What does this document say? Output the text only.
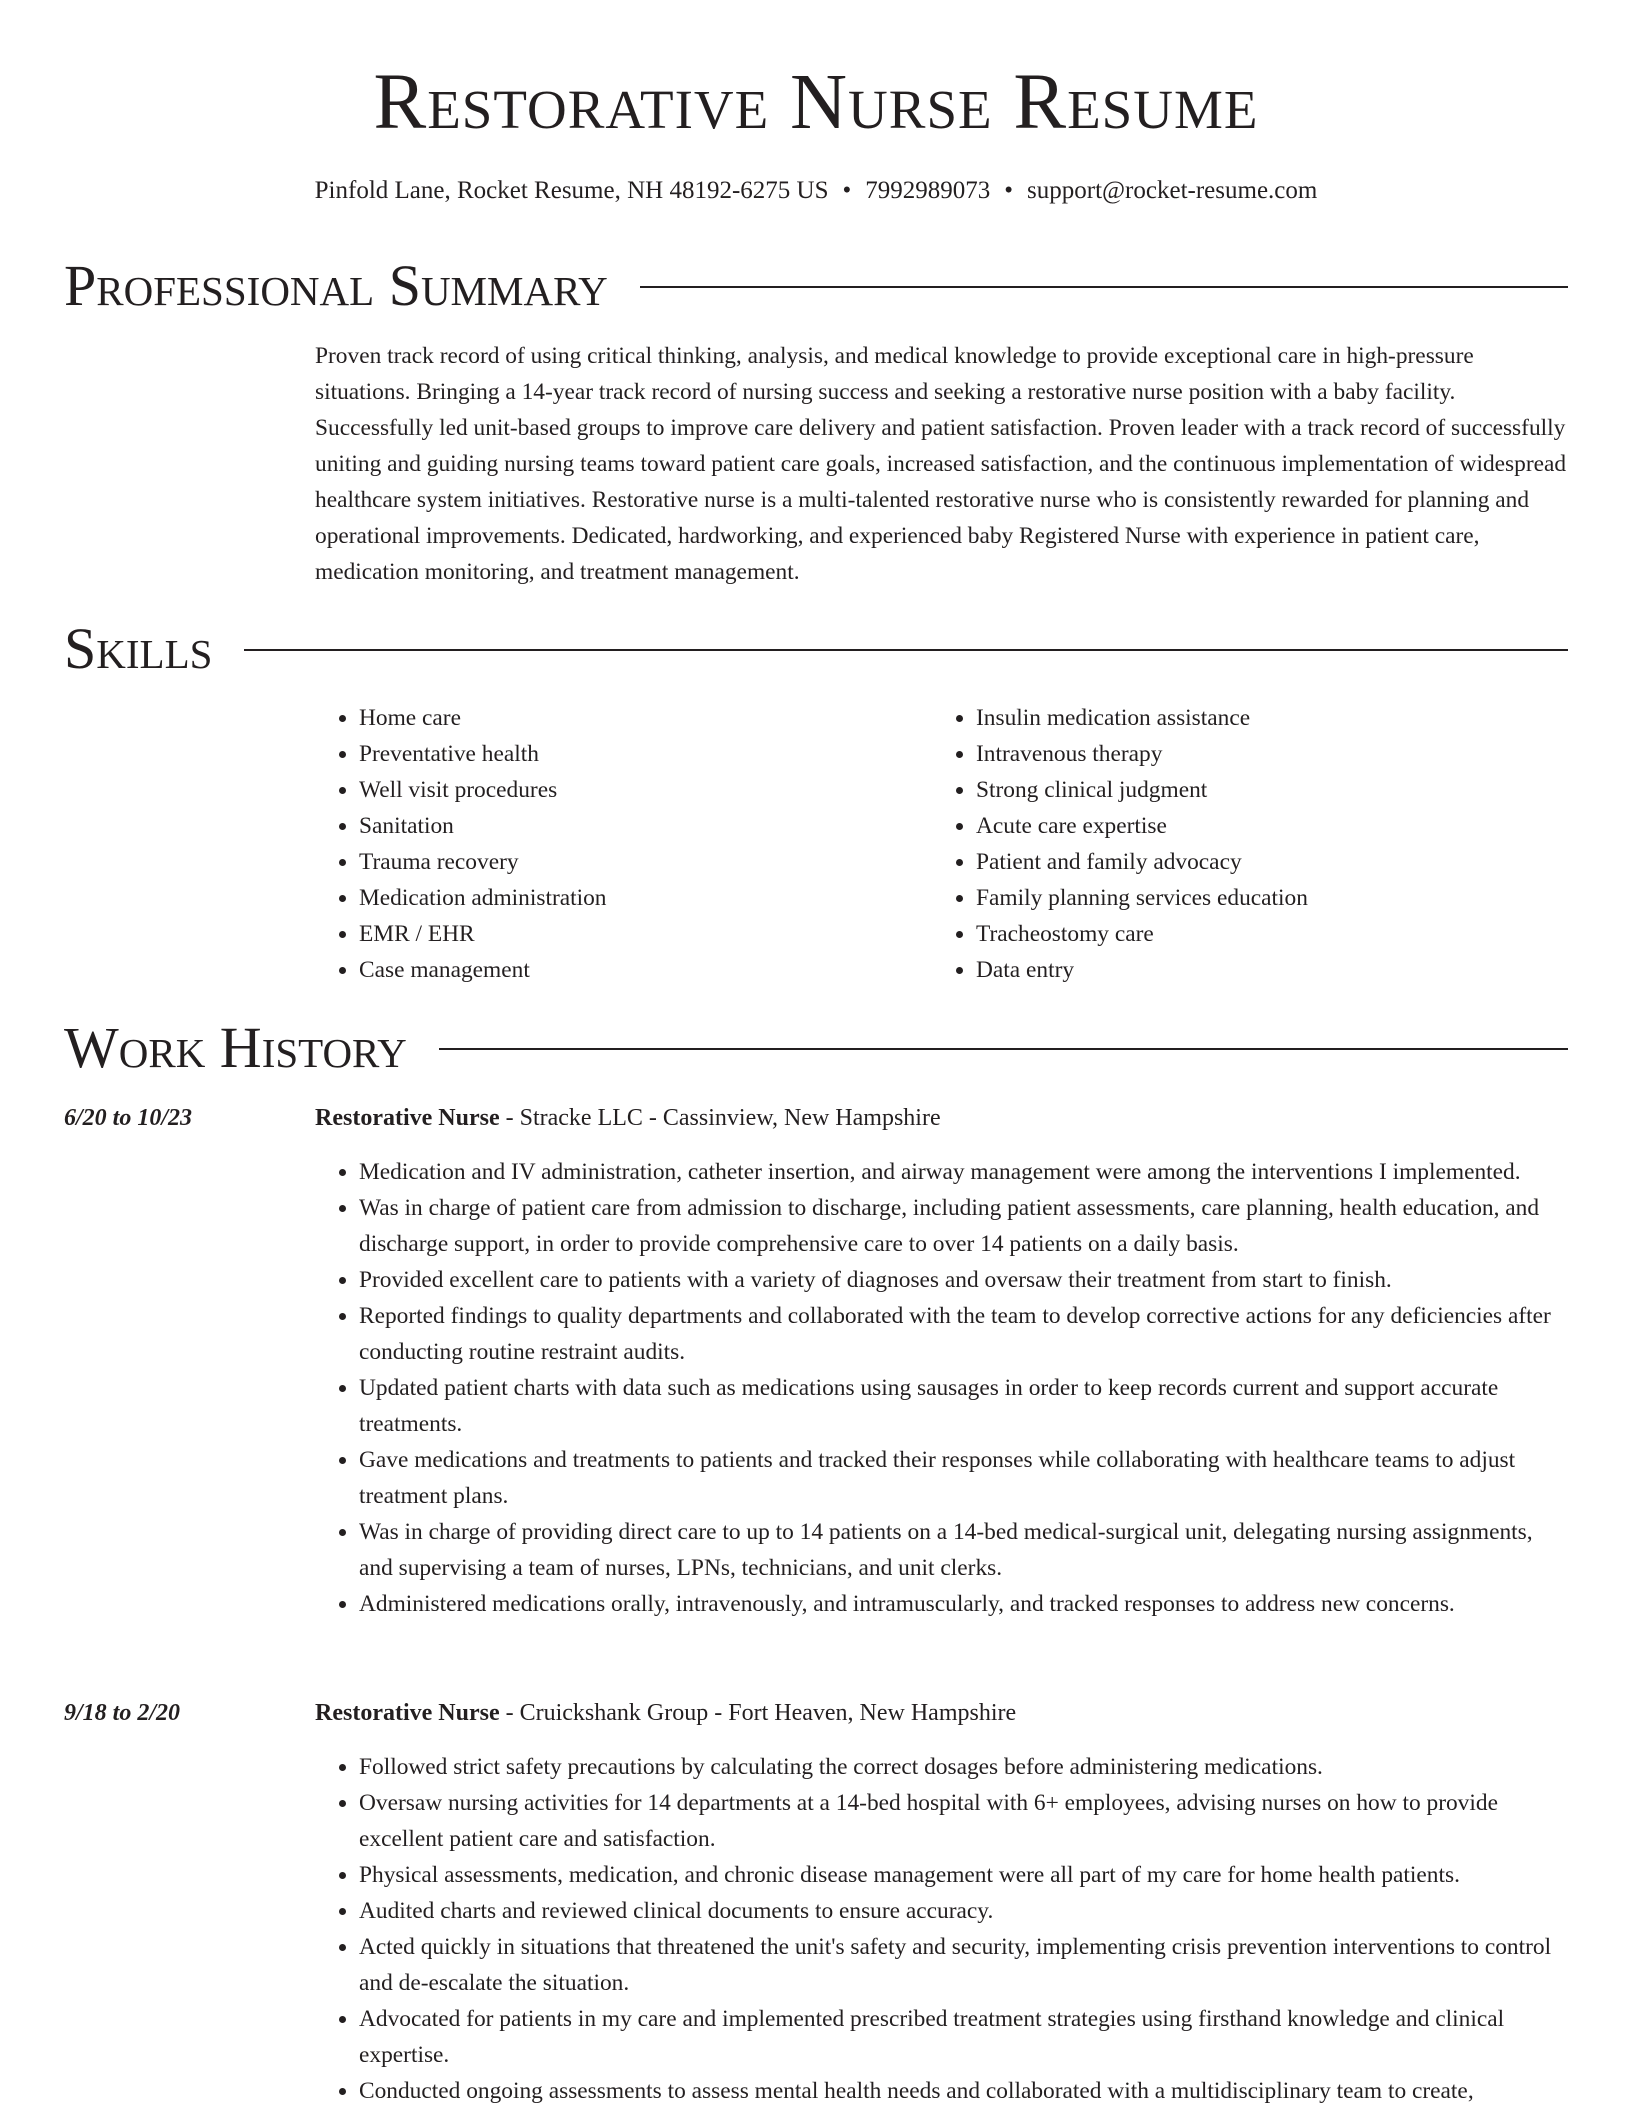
Restorative Nurse Resume
Pinfold Lane, Rocket Resume, NH 48192-6275 US • 7992989073 • support@rocket-resume.com
Professional Summary

Proven track record of using critical thinking, analysis, and medical knowledge to provide exceptional care in high-pressure situations. Bringing a 14-year track record of nursing success and seeking a restorative nurse position with a baby facility. Successfully led unit-based groups to improve care delivery and patient satisfaction. Proven leader with a track record of successfully uniting and guiding nursing teams toward patient care goals, increased satisfaction, and the continuous implementation of widespread healthcare system initiatives. Restorative nurse is a multi-talented restorative nurse who is consistently rewarded for planning and operational improvements. Dedicated, hardworking, and experienced baby Registered Nurse with experience in patient care, medication monitoring, and treatment management.

Skills
• Home care
• Preventative health
• Well visit procedures
• Sanitation
• Trauma recovery
• Medication administration
• EMR / EHR
• Case management
• Insulin medication assistance
• Intravenous therapy
• Strong clinical judgment
• Acute care expertise
• Patient and family advocacy
• Family planning services education
• Tracheostomy care
• Data entry
Work History
6/20 to 10/23	Restorative Nurse - Stracke LLC - Cassinview, New Hampshire
• Medication and IV administration, catheter insertion, and airway management were among the interventions I implemented.
• Was in charge of patient care from admission to discharge, including patient assessments, care planning, health education, and discharge support, in order to provide comprehensive care to over 14 patients on a daily basis.
• Provided excellent care to patients with a variety of diagnoses and oversaw their treatment from start to finish.
• Reported findings to quality departments and collaborated with the team to develop corrective actions for any deficiencies after conducting routine restraint audits.
• Updated patient charts with data such as medications using sausages in order to keep records current and support accurate treatments.
• Gave medications and treatments to patients and tracked their responses while collaborating with healthcare teams to adjust treatment plans.
• Was in charge of providing direct care to up to 14 patients on a 14-bed medical-surgical unit, delegating nursing assignments, and supervising a team of nurses, LPNs, technicians, and unit clerks.
• Administered medications orally, intravenously, and intramuscularly, and tracked responses to address new concerns.
9/18 to 2/20	Restorative Nurse - Cruickshank Group - Fort Heaven, New Hampshire
• Followed strict safety precautions by calculating the correct dosages before administering medications.
• Oversaw nursing activities for 14 departments at a 14-bed hospital with 6+ employees, advising nurses on how to provide excellent patient care and satisfaction.
• Physical assessments, medication, and chronic disease management were all part of my care for home health patients.
• Audited charts and reviewed clinical documents to ensure accuracy.
• Acted quickly in situations that threatened the unit's safety and security, implementing crisis prevention interventions to control and de-escalate the situation.
• Advocated for patients in my care and implemented prescribed treatment strategies using firsthand knowledge and clinical expertise.
• Conducted ongoing assessments to assess mental health needs and collaborated with a multidisciplinary team to create,
